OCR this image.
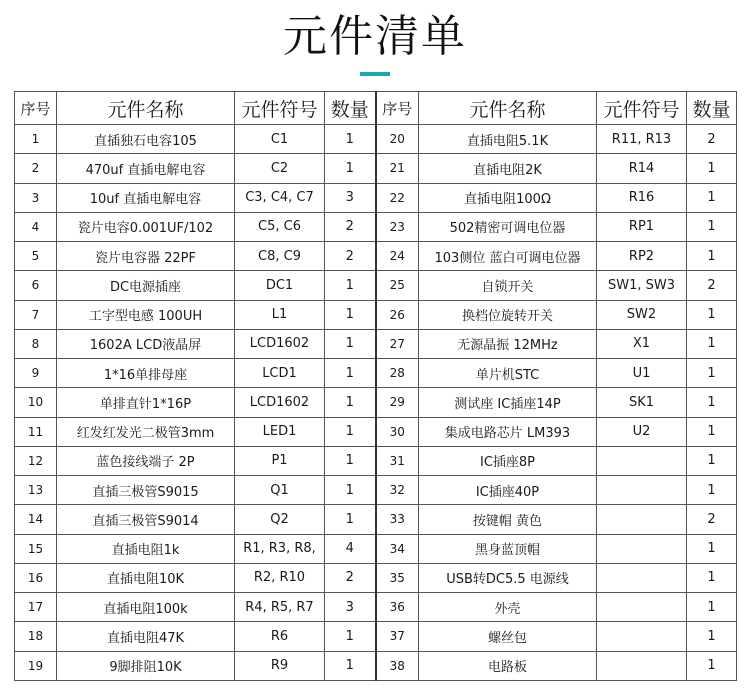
元件清单
序号	元件名称	元件符号	数量	序号	元件名称	元件符号	数量
1	直插独石电容105	C1	1	20	直插电阻5.1K	R11, R13	2
2	470uf 直插电解电容	C2	1	21	直插电阻2K	R14	1
3	10uf 直插电解电容	C3, C4, C7	3	22	直插电阻100Ω	R16	1
4	瓷片电容0.001UF/102	C5, C6	2	23	502精密可调电位器	RP1	1
5	瓷片电容器 22PF	C8, C9	2	24	103侧位 蓝白可调电位器	RP2	1
6	DC电源插座	DC1	1	25	自锁开关	SW1, SW3	2
7	工字型电感 100UH	L1	1	26	换档位旋转开关	SW2	1
8	1602A LCD液晶屏	LCD1602	1	27	无源晶振 12MHz	X1	1
9	1*16单排母座	LCD1	1	28	单片机STC	U1	1
10	单排直针1*16P	LCD1602	1	29	测试座 IC插座14P	SK1	1
11	红发红发光二极管3mm	LED1	1	30	集成电路芯片 LM393	U2	1
12	蓝色接线端子 2P	P1	1	31	IC插座8P		1
13	直插三极管S9015	Q1	1	32	IC插座40P		1
14	直插三极管S9014	Q2	1	33	按键帽 黄色		2
15	直插电阻1k	R1, R3, R8,	4	34	黑身蓝顶帽		1
16	直插电阻10K	R2, R10	2	35	USB转DC5.5 电源线		1
17	直插电阻100k	R4, R5, R7	3	36	外壳		1
18	直插电阻47K	R6	1	37	螺丝包		1
19	9脚排阻10K	R9	1	38	电路板		1
